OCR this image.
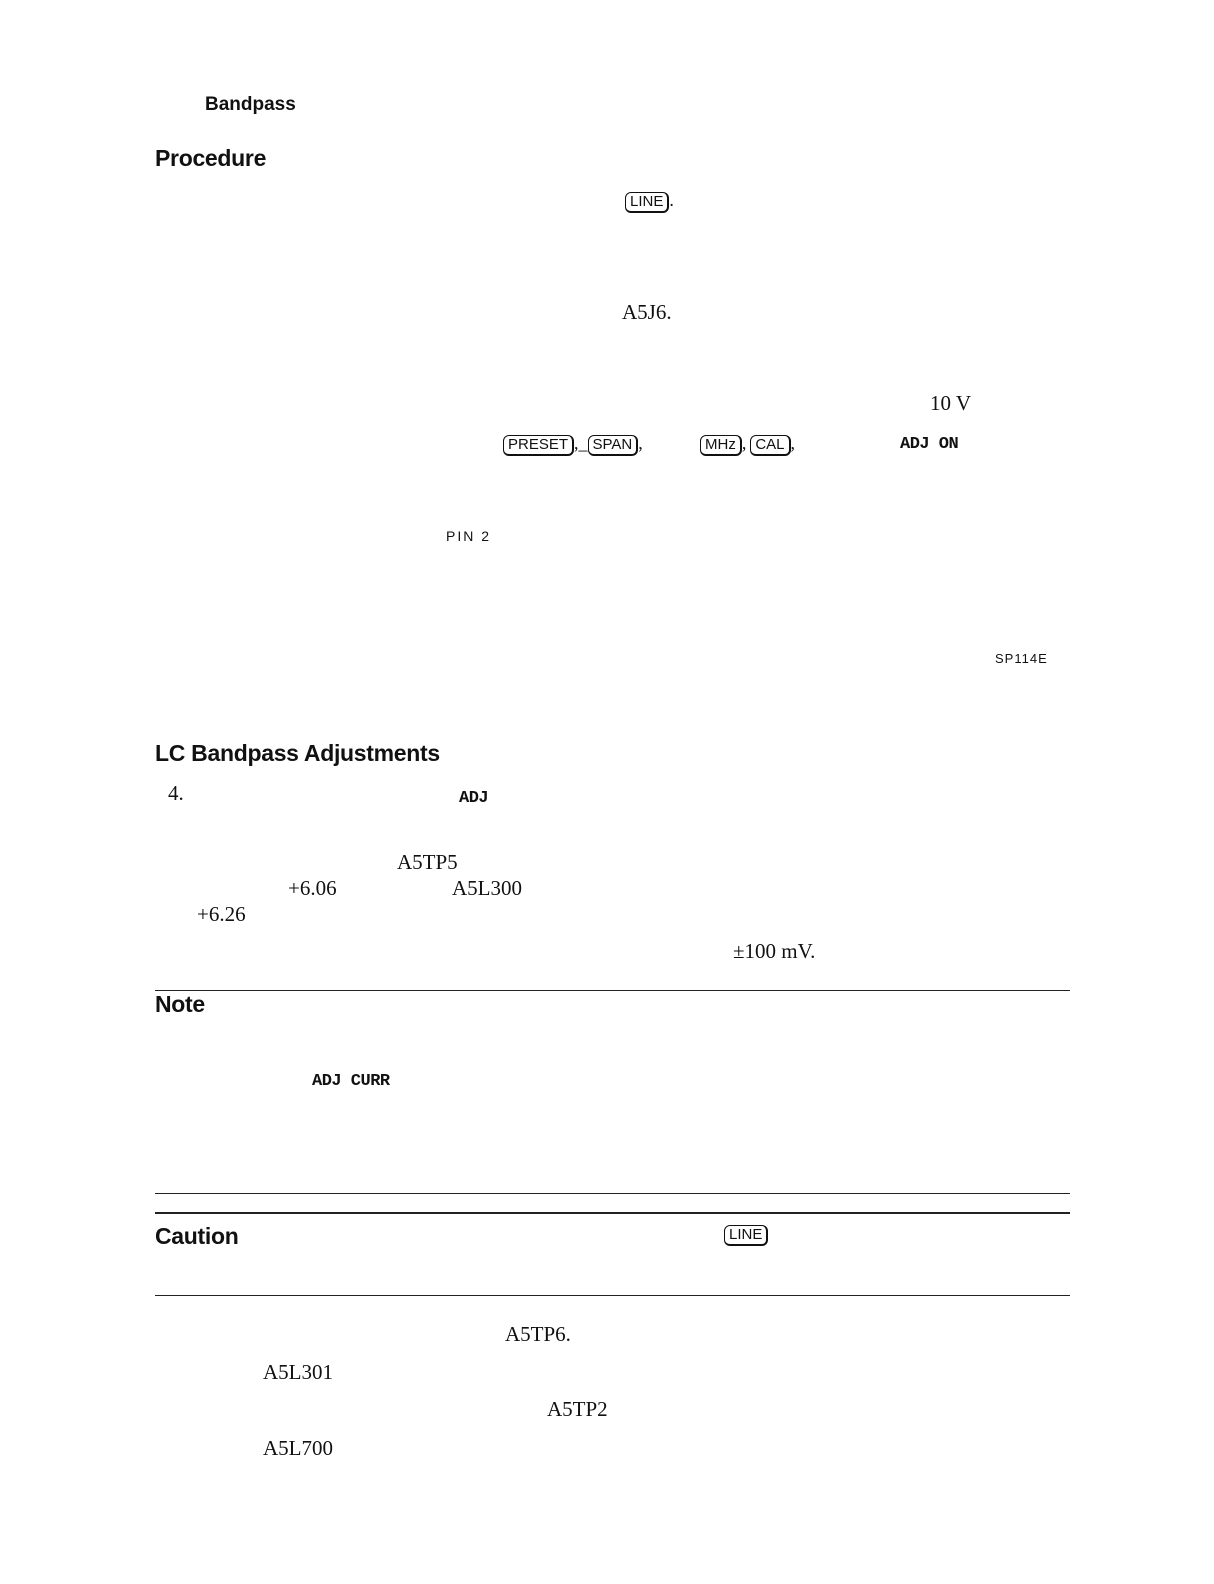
Bandpass
Procedure
LINE .
A5J6.
10 V
PRESET ,_ SPAN ,	MHz , CAL ,	ADJ ON
PIN 2
SP114E
LC Bandpass Adjustments
4.	ADJ
A5TP5
+6.06	A5L300
+6.26
±100 mV.
Note
ADJ CURR
Caution	LINE
A5TP6.
A5L301
A5TP2
A5L700
